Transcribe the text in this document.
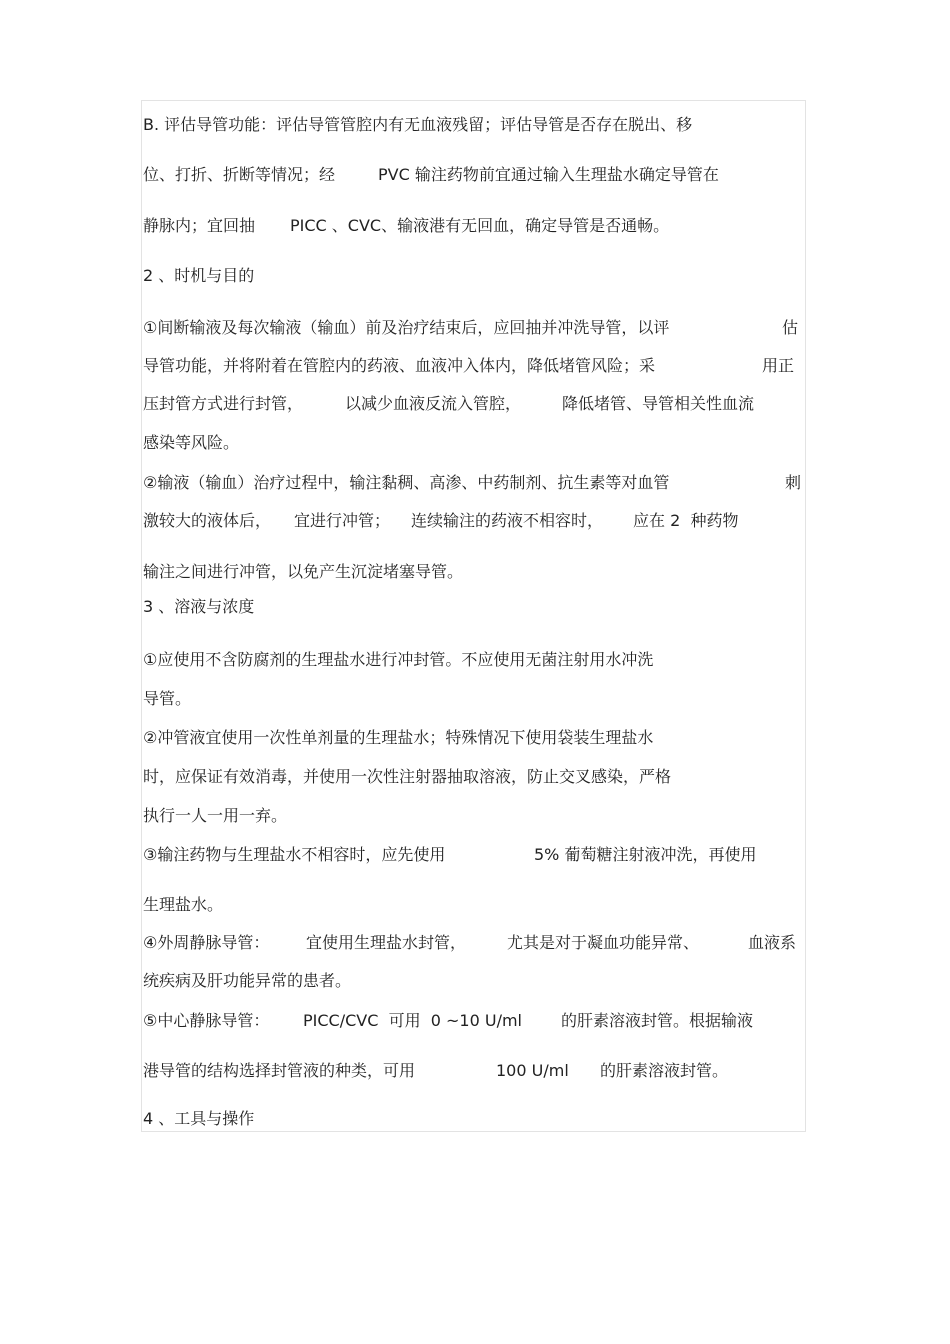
B. 评估导管功能：评估导管管腔内有无血液残留；评估导管是否存在脱出、移

位、打折、折断等情况；经	PVC 输注药物前宜通过输入生理盐水确定导管在

静脉内；宜回抽 PICC 、CVC、输液港有无回血，确定导管是否通畅。

2 、时机与目的

①间断输液及每次输液（输血）前及治疗结束后，应回抽并冲洗导管，以评	估

导管功能，并将附着在管腔内的药液、血液冲入体内，降低堵管风险；采	用正

压封管方式进行封管，	以减少血液反流入管腔，	降低堵管、导管相关性血流

感染等风险。

②输液（输血）治疗过程中，输注黏稠、高渗、中药制剂、抗生素等对血管	刺

激较大的液体后， 宜进行冲管； 连续输注的药液不相容时， 应在 2  种药物

输注之间进行冲管，以免产生沉淀堵塞导管。

3 、溶液与浓度

①应使用不含防腐剂的生理盐水进行冲封管。不应使用无菌注射用水冲洗

导管。

②冲管液宜使用一次性单剂量的生理盐水；特殊情况下使用袋装生理盐水

时，应保证有效消毒，并使用一次性注射器抽取溶液，防止交叉感染，严格

执行一人一用一弃。

③输注药物与生理盐水不相容时，应先使用	5% 葡萄糖注射液冲洗，再使用

生理盐水。

④外周静脉导管： 宜使用生理盐水封管，	尤其是对于凝血功能异常、	血液系

统疾病及肝功能异常的患者。

⑤中心静脉导管： PICC/CVC  可用  0 ~10 U/ml 的肝素溶液封管。根据输液

港导管的结构选择封管液的种类，可用	100 U/ml 的肝素溶液封管。

4 、工具与操作
